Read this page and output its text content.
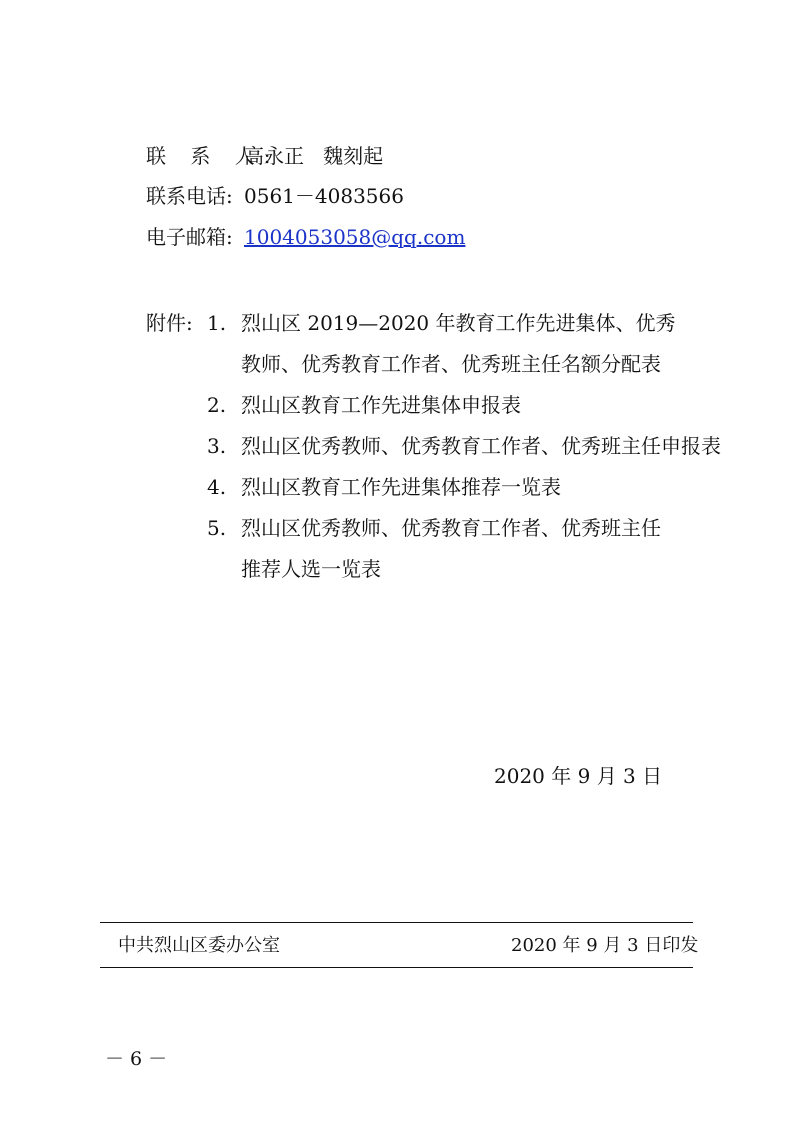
联 系 人:高永正   魏刻起
联系电话: 0561－4083566
电子邮箱: 1004053058@qq.com
附件: 1. 烈山区 2019—2020 年教育工作先进集体、优秀
教师、优秀教育工作者、优秀班主任名额分配表
2. 烈山区教育工作先进集体申报表
3. 烈山区优秀教师、优秀教育工作者、优秀班主任申报表
4. 烈山区教育工作先进集体推荐一览表
5. 烈山区优秀教师、优秀教育工作者、优秀班主任
推荐人选一览表
2020 年 9 月 3 日
中共烈山区委办公室	2020 年 9 月 3 日印发
－ 6 －
